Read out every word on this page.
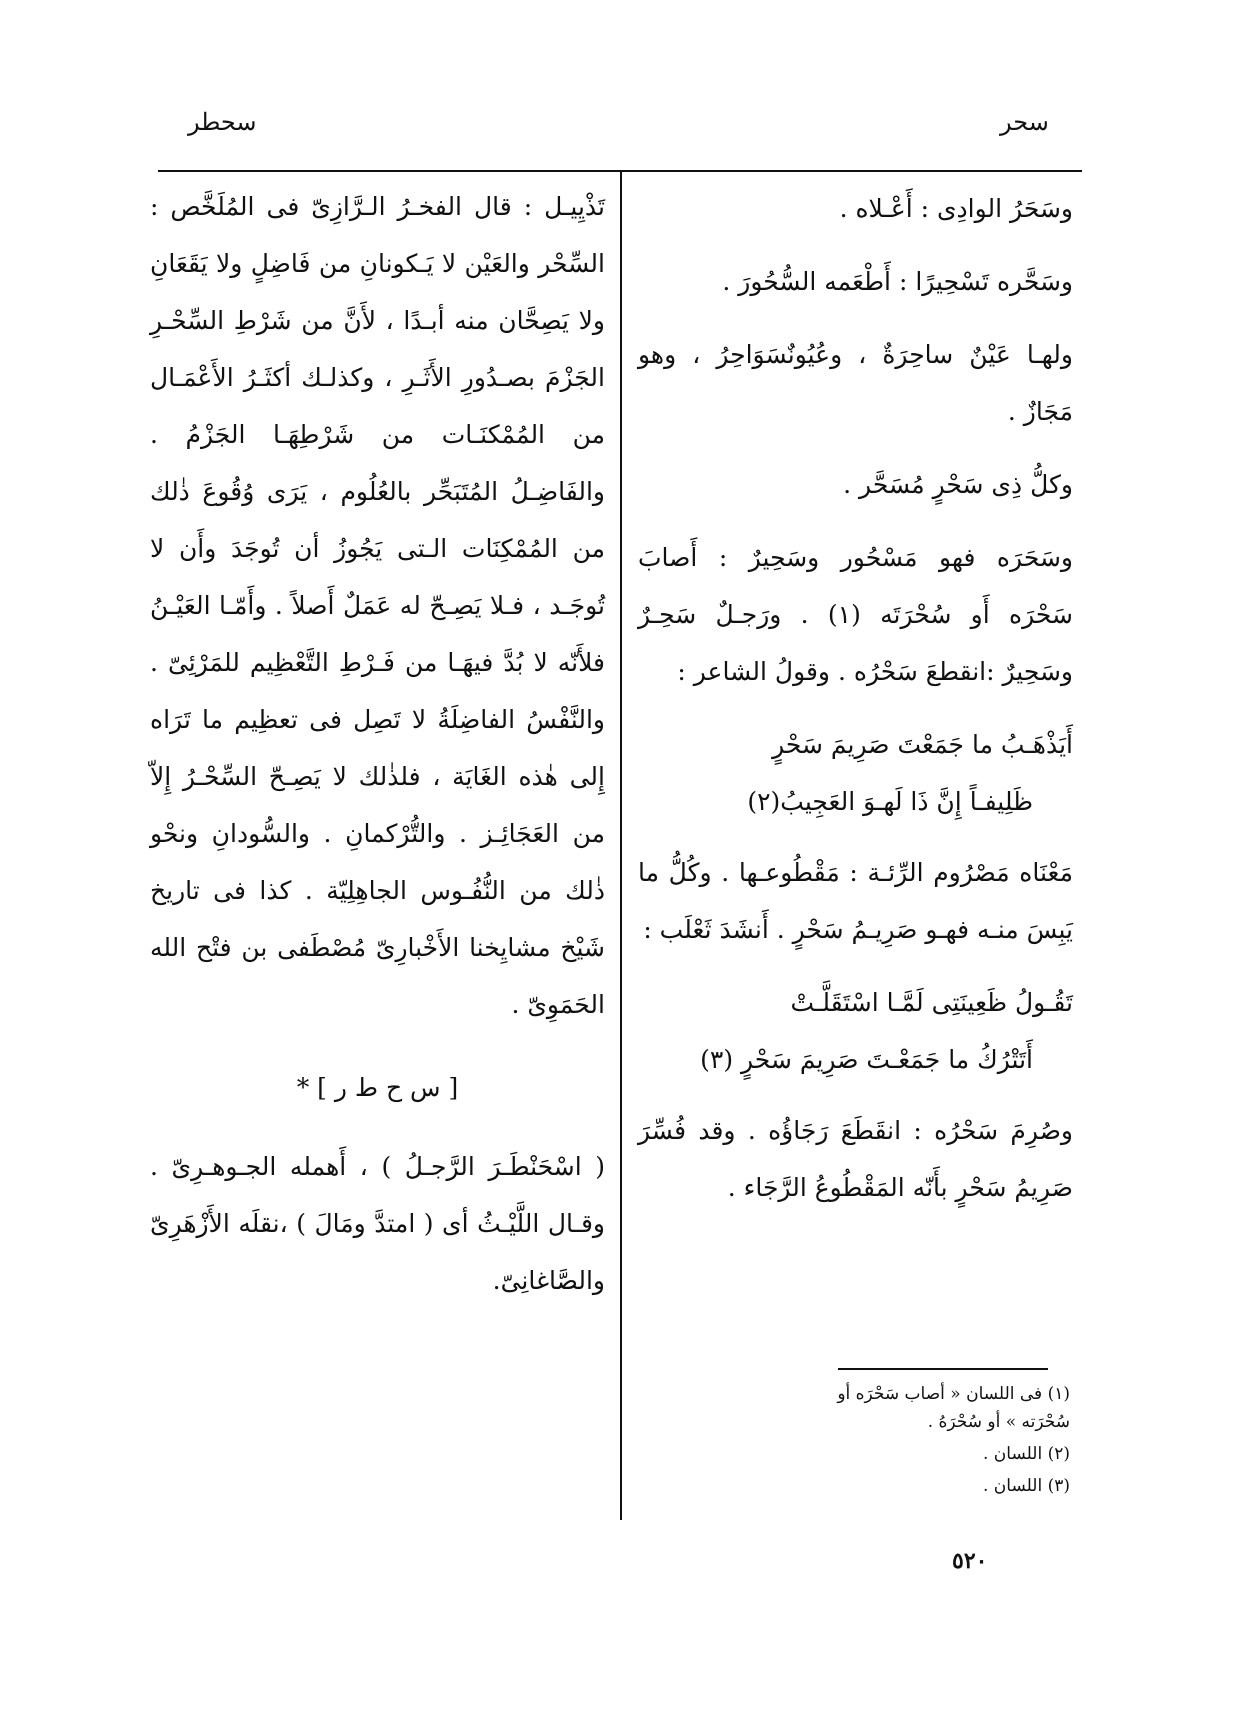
سحر
سحطر

وسَحَرُ الوادِى : أَعْـلاه .

وسَحَّره تَسْحِيرًا : أَطْعَمه السُّحُورَ .

ولهـا عَيْنٌ ساحِرَةٌ ، وعُيُونٌسَوَاحِرُ ، وهو مَجَازٌ .

وكلُّ ذِى سَحْرٍ مُسَحَّر .

وسَحَرَه فهو مَسْحُور وسَحِيرٌ : أَصابَ سَحْرَه أَو سُحْرَتَه (١) . ورَجـلٌ سَحِـرٌ وسَحِيرٌ :انقطعَ سَحْرُه . وقولُ الشاعر :

أَيَذْهَـبُ ما جَمَعْتَ صَرِيمَ سَحْرٍ
ظَلِيفـاً إِنَّ ذَا لَهـوَ العَجِيبُ(٢)

مَعْنَاه مَصْرُوم الرِّئـة : مَقْطُوعـها . وكُلُّ ما يَبِسَ منـه فهـو صَرِيـمُ سَحْرٍ . أَنشَدَ ثَعْلَب :

تَقُـولُ ظَعِينَتِى لَمَّـا اسْتَقَلَّـتْ
أَتَتْرُكُ ما جَمَعْـتَ صَرِيمَ سَحْرٍ (٣)

وصُرِمَ سَحْرُه : انقَطَعَ رَجَاؤُه . وقد فُسِّرَ صَرِيمُ سَحْرٍ بأَنّه المَقْطُوعُ الرَّجَاء .

(١) فى اللسان « أصاب سَحْرَه أو سُحْرَته » أو سُحْرَهُ .

(٢) اللسان .

(٣) اللسان .

تَذْيِيـل : قال الفخـرُ الـرَّازِىّ فى المُلَخَّص : السِّحْر والعَيْن لا يَـكونانِ من فَاضِلٍ ولا يَقَعَانِ ولا يَصِحَّان منه أبـدًا ، لأَنَّ من شَرْطِ السِّحْـرِ الجَزْمَ بصـدُورِ الأَثَـرِ ، وكذلـك أكثَـرُ الأَعْمَـال من المُمْكنَـات من شَرْطِهَـا الجَزْمُ . والفَاضِـلُ المُتَبَحِّر بالعُلُوم ، يَرَى وُقُوعَ ذٰلك من المُمْكِنَات الـتى يَجُوزُ أن تُوجَدَ وأَن لا تُوجَـد ، فـلا يَصِـحّ له عَمَلٌ أَصلاً . وأَمّـا العَيْـنُ فلأَنّه لا بُدَّ فيهَـا من فَـرْطِ التَّعْظِيم للمَرْئِىّ . والنَّفْسُ الفاضِلَةُ لا تَصِل فى تعظِيم ما تَرَاه إِلى هٰذه الغَايَة ، فلذٰلك لا يَصِـحّ السِّحْـرُ إِلاّ من العَجَائِـز . والتُّرْكمانِ . والسُّودانِ ونحْو ذٰلك من النُّفُـوس الجاهِلِيّة . كذا فى تاريخ شَيْخ مشايِخنا الأَخْبارِىّ مُصْطَفى بن فتْح الله الحَمَوِىّ .

[ س ح ط ر ] *

( اسْحَنْطَـرَ الرَّجـلُ ) ، أَهمله الجـوهـرِىّ . وقـال اللَّيْـثُ أى ( امتدَّ ومَالَ ) ،نقلَه الأَزْهَرِىّ والصَّاغانِىّ.

٥٢٠
